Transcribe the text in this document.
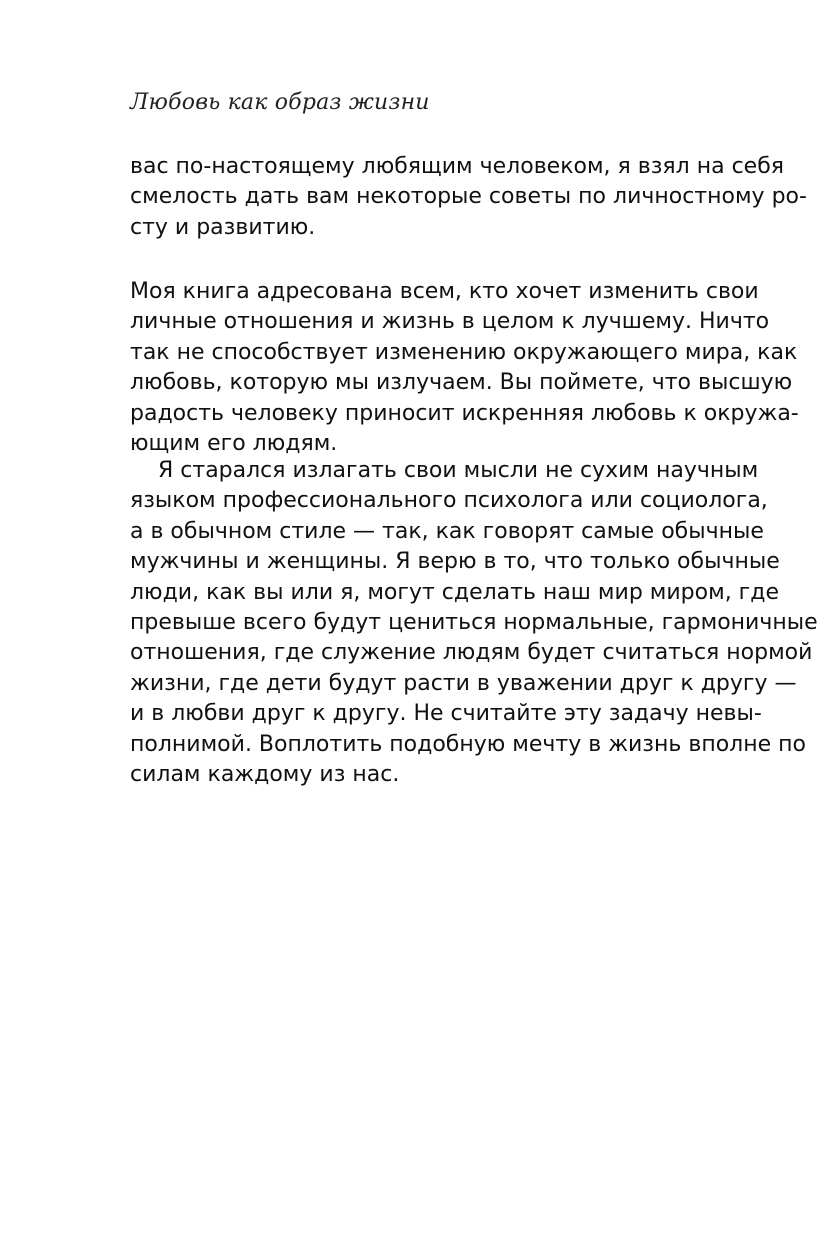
Любовь как образ жизни
вас по-настоящему любящим человеком, я взял на себя
смелость дать вам некоторые советы по личностному ро-
сту и развитию.
Моя книга адресована всем, кто хочет изменить свои
личные отношения и жизнь в целом к лучшему. Ничто
так не способствует изменению окружающего мира, как
любовь, которую мы излучаем. Вы поймете, что высшую
радость человеку приносит искренняя любовь к окружа-
ющим его людям.
Я старался излагать свои мысли не сухим научным
языком профессионального психолога или социолога,
а в обычном стиле — так, как говорят самые обычные
мужчины и женщины. Я верю в то, что только обычные
люди, как вы или я, могут сделать наш мир миром, где
превыше всего будут цениться нормальные, гармоничные
отношения, где служение людям будет считаться нормой
жизни, где дети будут расти в уважении друг к другу —
и в любви друг к другу. Не считайте эту задачу невы-
полнимой. Воплотить подобную мечту в жизнь вполне по
силам каждому из нас.
